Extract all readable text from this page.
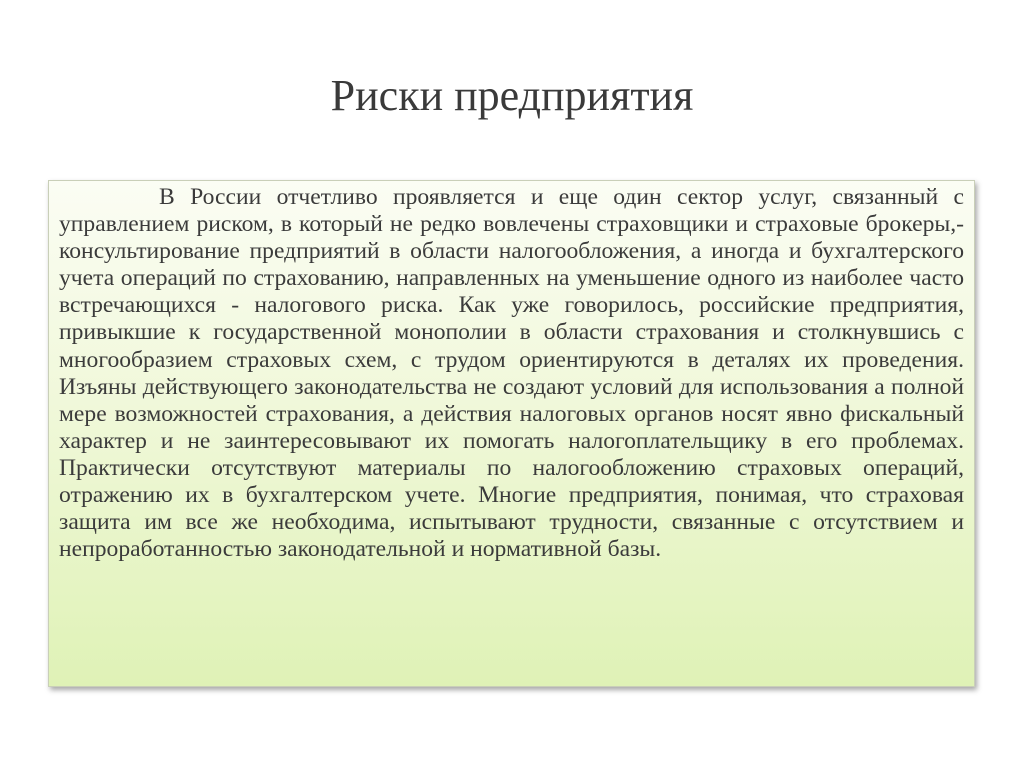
Риски предприятия

В России отчетливо проявляется и еще один сектор услуг, связанный с управлением риском, в который не редко вовлечены страховщики и страховые брокеры,- консультирование предприятий в области налогообложения, а иногда и бухгалтерского учета операций по страхованию, направленных на уменьшение одного из наиболее часто встречающихся - налогового риска. Как уже говорилось, российские предприятия, привыкшие к государственной монополии в области страхования и столкнувшись с многообразием страховых схем, с трудом ориентируются в деталях их проведения. Изъяны действующего законодательства не создают условий для использования а полной мере возможностей страхования, а действия налоговых органов носят явно фискальный характер и не заинтересовывают их помогать налогоплательщику в его проблемах. Практически отсутствуют материалы по налогообложению страховых операций, отражению их в бухгалтерском учете. Многие предприятия, понимая, что страховая защита им все же необходима, испытывают трудности, связанные с отсутствием и непроработанностью законодательной и нормативной базы.
